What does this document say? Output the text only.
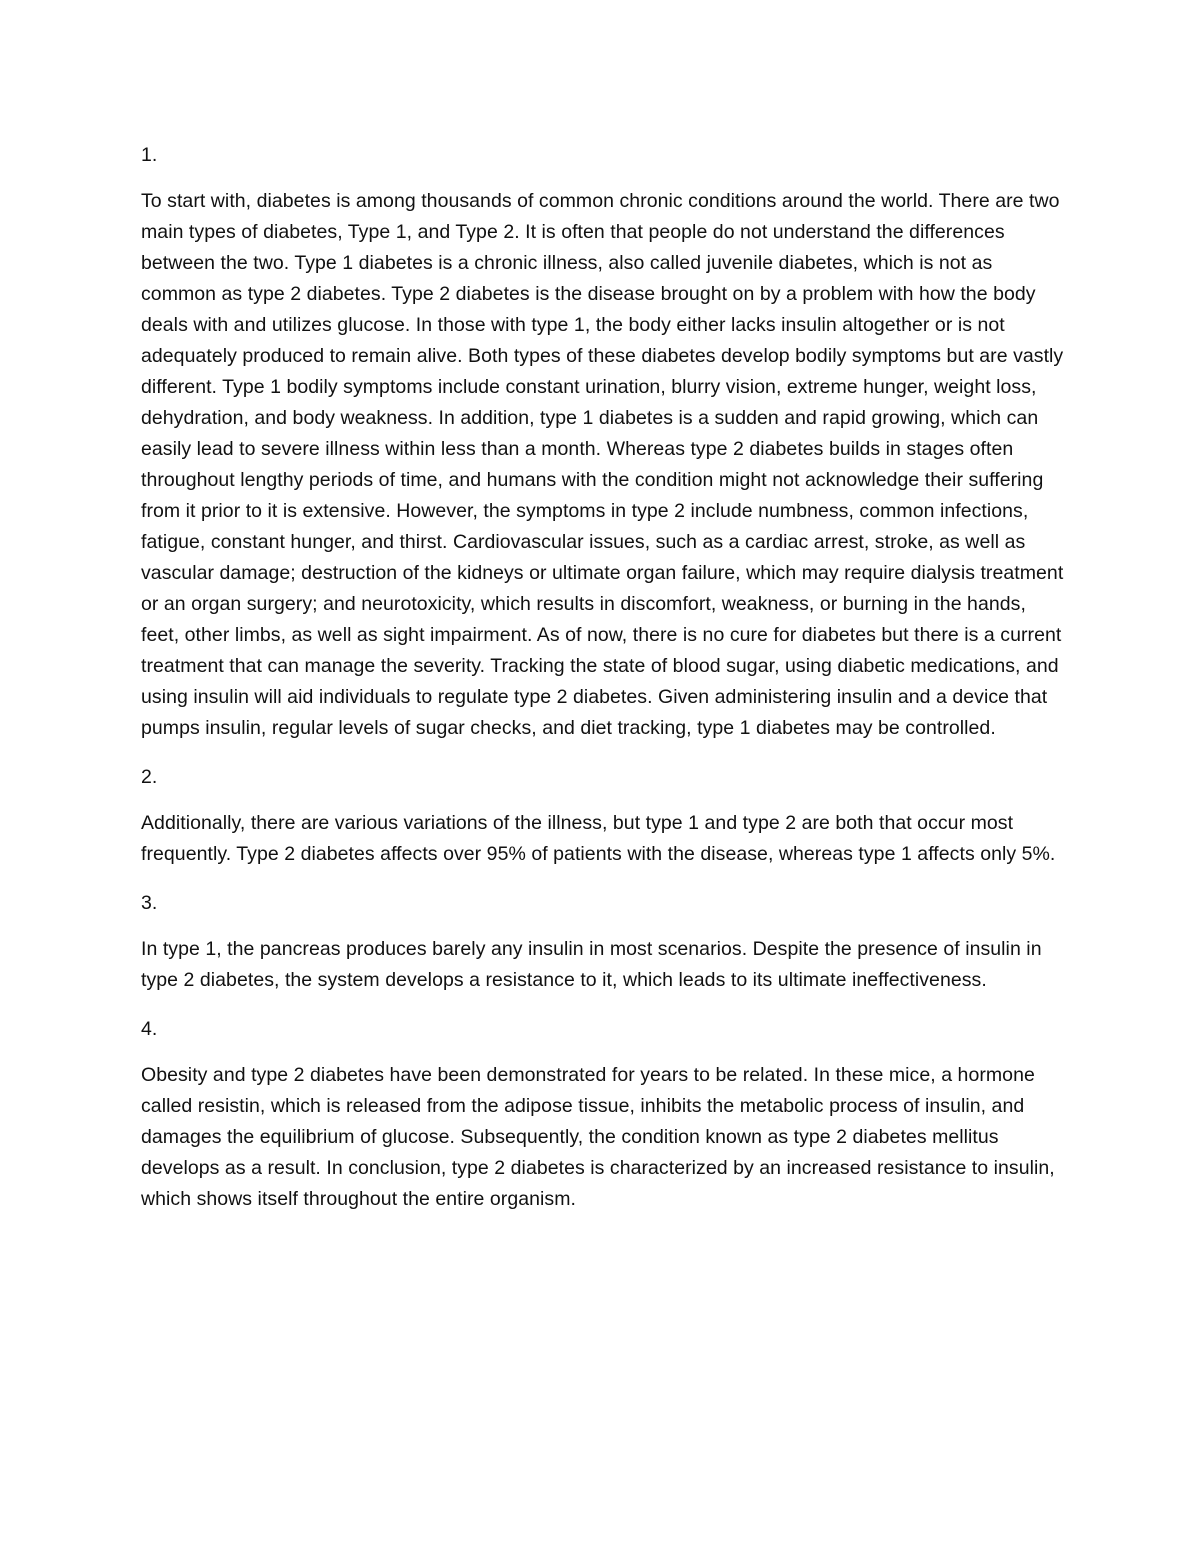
1.

To start with, diabetes is among thousands of common chronic conditions around the world. There are two main types of diabetes, Type 1, and Type 2. It is often that people do not understand the differences between the two. Type 1 diabetes is a chronic illness, also called juvenile diabetes, which is not as common as type 2 diabetes. Type 2 diabetes is the disease brought on by a problem with how the body deals with and utilizes glucose. In those with type 1, the body either lacks insulin altogether or is not adequately produced to remain alive. Both types of these diabetes develop bodily symptoms but are vastly different. Type 1 bodily symptoms include constant urination, blurry vision, extreme hunger, weight loss, dehydration, and body weakness. In addition, type 1 diabetes is a sudden and rapid growing, which can easily lead to severe illness within less than a month. Whereas type 2 diabetes builds in stages often throughout lengthy periods of time, and humans with the condition might not acknowledge their suffering from it prior to it is extensive. However, the symptoms in type 2 include numbness, common infections, fatigue, constant hunger, and thirst. Cardiovascular issues, such as a cardiac arrest, stroke, as well as vascular damage; destruction of the kidneys or ultimate organ failure, which may require dialysis treatment or an organ surgery; and neurotoxicity, which results in discomfort, weakness, or burning in the hands, feet, other limbs, as well as sight impairment. As of now, there is no cure for diabetes but there is a current treatment that can manage the severity. Tracking the state of blood sugar, using diabetic medications, and using insulin will aid individuals to regulate type 2 diabetes. Given administering insulin and a device that pumps insulin, regular levels of sugar checks, and diet tracking, type 1 diabetes may be controlled.

2.

Additionally, there are various variations of the illness, but type 1 and type 2 are both that occur most frequently. Type 2 diabetes affects over 95% of patients with the disease, whereas type 1 affects only 5%.

3.

In type 1, the pancreas produces barely any insulin in most scenarios. Despite the presence of insulin in type 2 diabetes, the system develops a resistance to it, which leads to its ultimate ineffectiveness.

4.

Obesity and type 2 diabetes have been demonstrated for years to be related. In these mice, a hormone called resistin, which is released from the adipose tissue, inhibits the metabolic process of insulin, and damages the equilibrium of glucose. Subsequently, the condition known as type 2 diabetes mellitus develops as a result. In conclusion, type 2 diabetes is characterized by an increased resistance to insulin, which shows itself throughout the entire organism.
